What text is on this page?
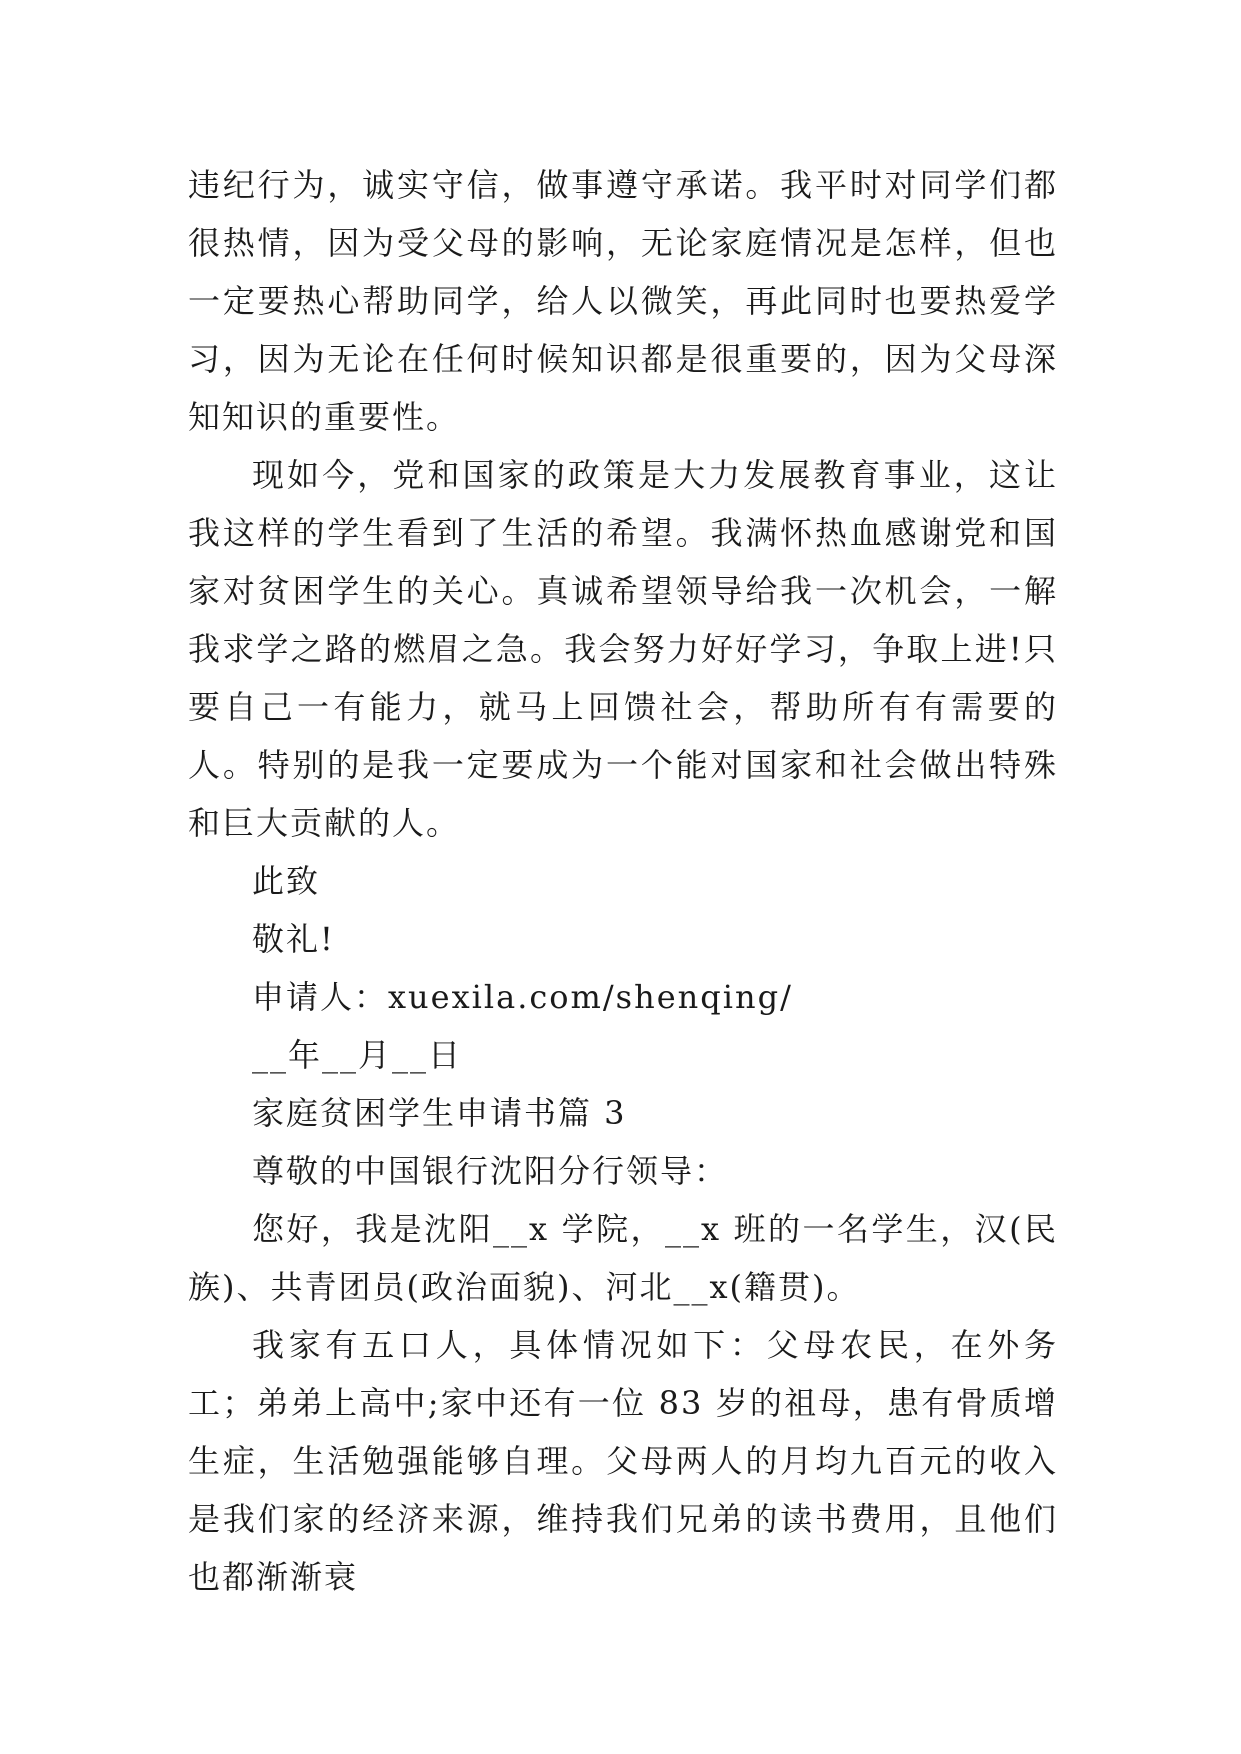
违纪行为，诚实守信，做事遵守承诺。我平时对同学们都很热情，因为受父母的影响，无论家庭情况是怎样，但也一定要热心帮助同学，给人以微笑，再此同时也要热爱学习，因为无论在任何时候知识都是很重要的，因为父母深知知识的重要性。

现如今，党和国家的政策是大力发展教育事业，这让我这样的学生看到了生活的希望。我满怀热血感谢党和国家对贫困学生的关心。真诚希望领导给我一次机会，一解我求学之路的燃眉之急。我会努力好好学习，争取上进!只要自己一有能力，就马上回馈社会，帮助所有有需要的人。特别的是我一定要成为一个能对国家和社会做出特殊和巨大贡献的人。

此致

敬礼!

申请人：xuexila.com/shenqing/

__年__月__日

家庭贫困学生申请书篇 3

尊敬的中国银行沈阳分行领导：

您好，我是沈阳__x 学院，__x 班的一名学生，汉(民族)、共青团员(政治面貌)、河北__x(籍贯)。

我家有五口人，具体情况如下：父母农民，在外务工；弟弟上高中;家中还有一位 83 岁的祖母，患有骨质增生症，生活勉强能够自理。父母两人的月均九百元的收入是我们家的经济来源，维持我们兄弟的读书费用，且他们也都渐渐衰
